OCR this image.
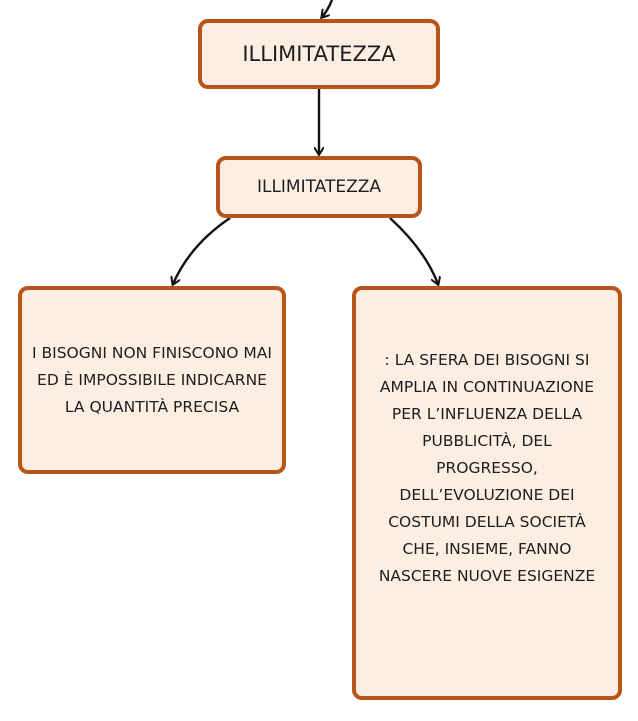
ILLIMITATEZZA
ILLIMITATEZZA
I BISOGNI NON FINISCONO MAI ED È IMPOSSIBILE INDICARNE LA QUANTITÀ PRECISA
: LA SFERA DEI BISOGNI SI AMPLIA IN CONTINUAZIONE PER L’INFLUENZA DELLA PUBBLICITÀ, DEL PROGRESSO, DELL’EVOLUZIONE DEI COSTUMI DELLA SOCIETÀ CHE, INSIEME, FANNO NASCERE NUOVE ESIGENZE
